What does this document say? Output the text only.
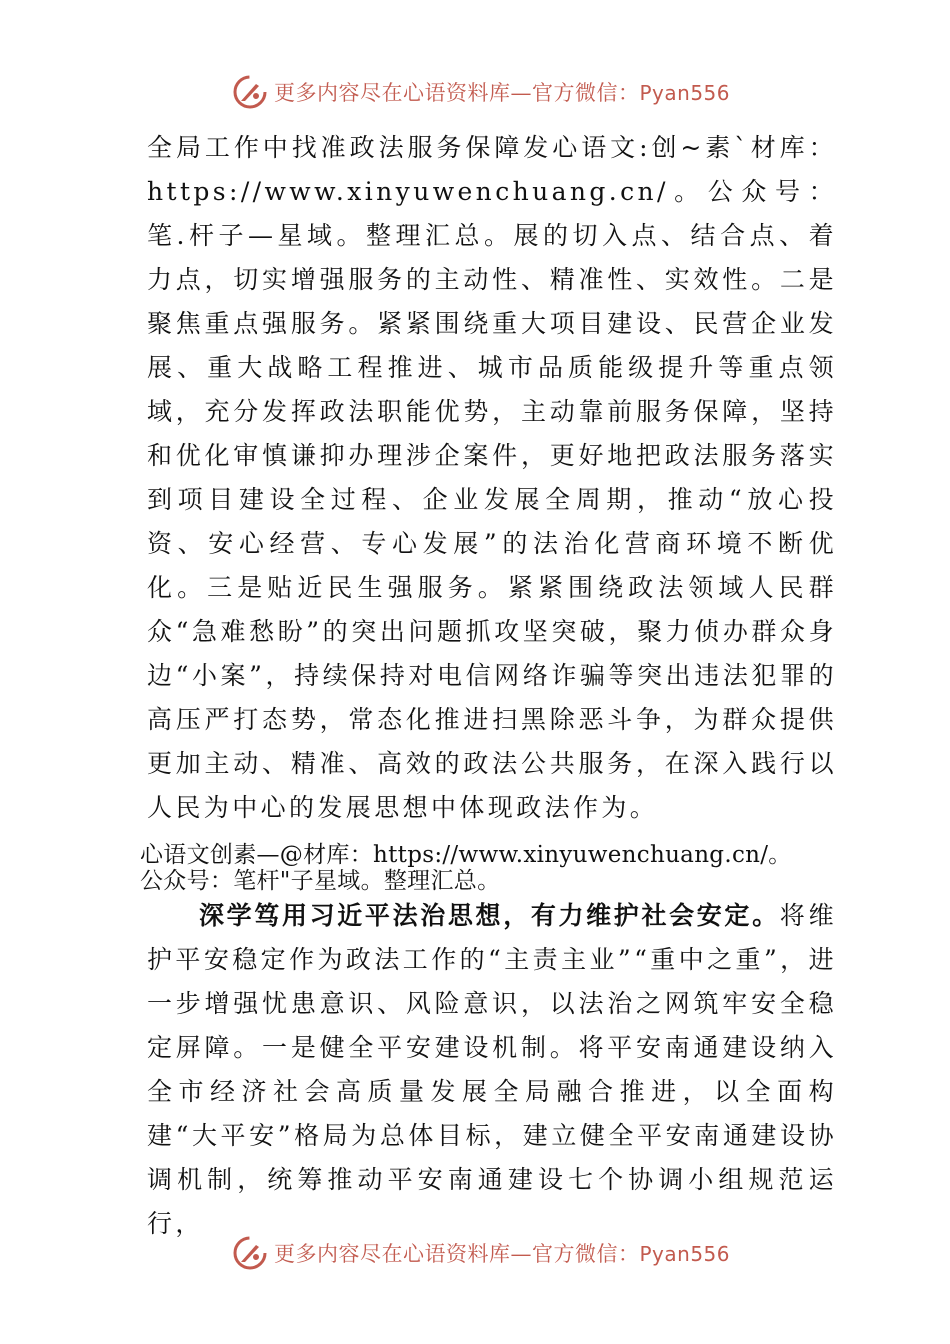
更多内容尽在心语资料库—官方微信：Pyan556

全局工作中找准政法服务保障发心语文:创~素`材库：https://www.xinyuwenchuang.cn/。公众号：笔.杆子—星域。整理汇总。展的切入点、结合点、着力点，切实增强服务的主动性、精准性、实效性。二是聚焦重点强服务。紧紧围绕重大项目建设、民营企业发展、重大战略工程推进、城市品质能级提升等重点领域，充分发挥政法职能优势，主动靠前服务保障，坚持和优化审慎谦抑办理涉企案件，更好地把政法服务落实到项目建设全过程、企业发展全周期，推动“放心投资、安心经营、专心发展”的法治化营商环境不断优化。三是贴近民生强服务。紧紧围绕政法领域人民群众“急难愁盼”的突出问题抓攻坚突破，聚力侦办群众身边“小案”，持续保持对电信网络诈骗等突出违法犯罪的高压严打态势，常态化推进扫黑除恶斗争，为群众提供更加主动、精准、高效的政法公共服务，在深入践行以人民为中心的发展思想中体现政法作为。

心语文创素—@材库：https://www.xinyuwenchuang.cn/。
公众号：笔杆"子星域。整理汇总。

深学笃用习近平法治思想，有力维护社会安定。将维护平安稳定作为政法工作的“主责主业”“重中之重”，进一步增强忧患意识、风险意识，以法治之网筑牢安全稳定屏障。一是健全平安建设机制。将平安南通建设纳入全市经济社会高质量发展全局融合推进，以全面构建“大平安”格局为总体目标，建立健全平安南通建设协调机制，统筹推动平安南通建设七个协调小组规范运行，

更多内容尽在心语资料库—官方微信：Pyan556
